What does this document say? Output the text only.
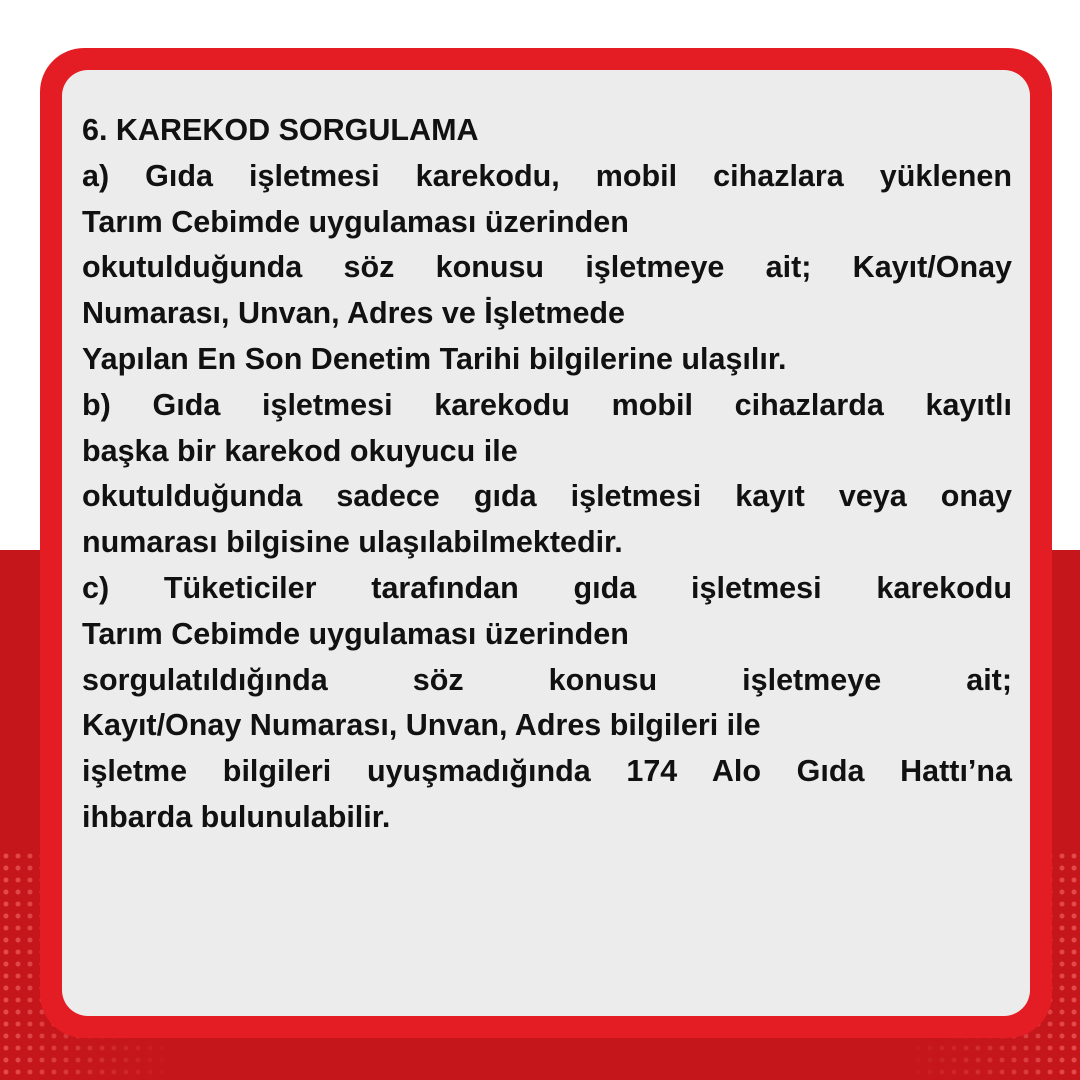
6. KAREKOD SORGULAMA
a) Gıda işletmesi karekodu, mobil cihazlara yüklenen
Tarım Cebimde uygulaması üzerinden
okutulduğunda söz konusu işletmeye ait; Kayıt/Onay
Numarası, Unvan, Adres ve İşletmede
Yapılan En Son Denetim Tarihi bilgilerine ulaşılır.
b) Gıda işletmesi karekodu mobil cihazlarda kayıtlı
başka bir karekod okuyucu ile
okutulduğunda sadece gıda işletmesi kayıt veya onay
numarası bilgisine ulaşılabilmektedir.
c) Tüketiciler tarafından gıda işletmesi karekodu
Tarım Cebimde uygulaması üzerinden
sorgulatıldığında söz konusu işletmeye ait;
Kayıt/Onay Numarası, Unvan, Adres bilgileri ile
işletme bilgileri uyuşmadığında 174 Alo Gıda Hattı’na
ihbarda bulunulabilir.
